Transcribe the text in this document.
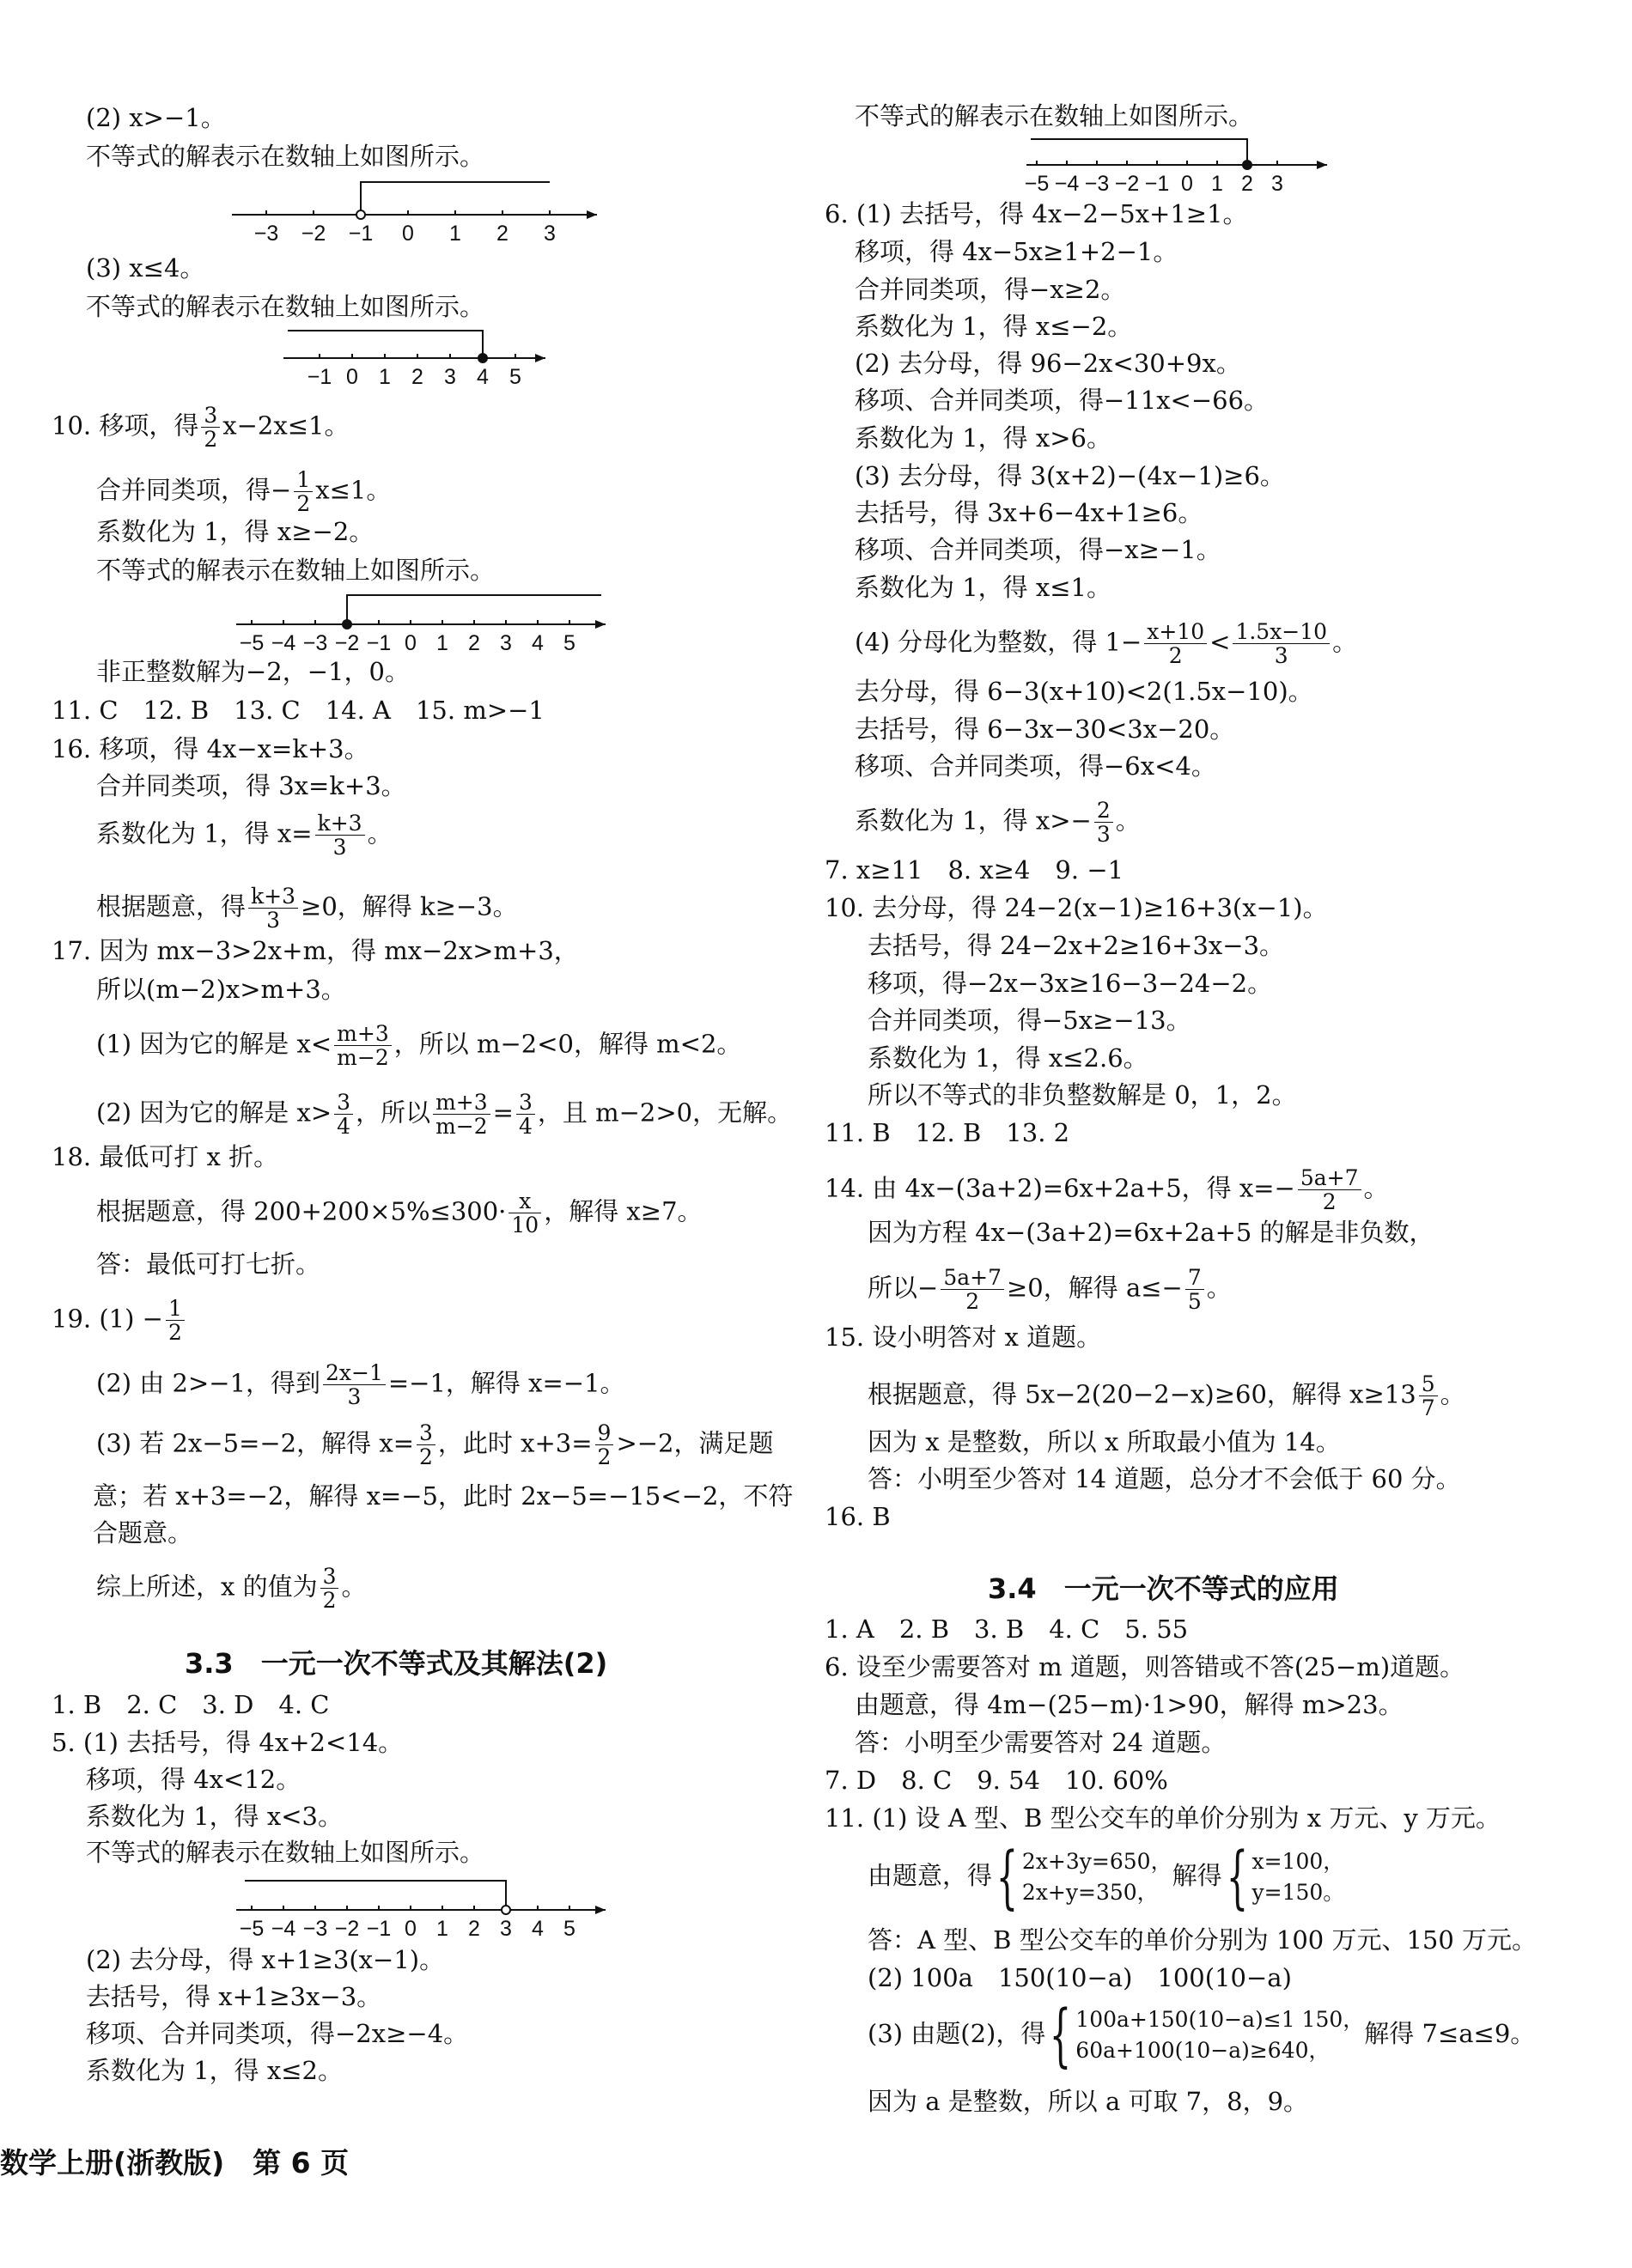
(2) x>−1。
不等式的解表示在数轴上如图所示。
−3 −2 −1 0 1 2 3
(3) x≤4。
不等式的解表示在数轴上如图所示。
−1 0 1 2 3 4 5
10. 移项，得 $\frac{3}{2} x-2x\le 1$。
合并同类项，得− $\frac{1}{2} x\le 1$。
系数化为 1，得 x≥−2。
不等式的解表示在数轴上如图所示。
−5 −4 −3 −2 −1 0 1 2 3 4 5
非正整数解为−2，−1，0。
11. C　12. B　13. C　14. A　15. m>−1
16. 移项，得 4x−x=k+3。
合并同类项，得 3x=k+3。
系数化为 1，得 $x= \frac{k+3}{3}$ 。
根据题意，得 $\frac{k+3}{3} \ge 0$，解得 k≥−3。
17. 因为 mx−3>2x+m，得 mx−2x>m+3，
所以(m−2)x>m+3。
(1) 因为它的解是 $x< \frac{m+3}{m-2}$ ，所以 m−2<0，解得 m<2。
(2) 因为它的解是 $x> \frac{3}{4}$ ，所以 $\frac{m+3}{m-2} = \frac{3}{4}$ ，且 m−2>0，无解。
18. 最低可打 x 折。
根据题意，得 $200+200\times 5\%\le 300\cdot \frac{x}{10}$ ，解得 x≥7。
答：最低可打七折。
19. $(1) - \frac{1}{2}$
(2) 由 2>−1，得到 $\frac{2x-1}{3} =-1$，解得 x=−1。
(3) 若 2x−5=−2，解得 $x= \frac{3}{2}$ ，此时 $x+3= \frac{9}{2} >-2$，满足题
意；若 x+3=−2，解得 x=−5，此时 2x−5=−15<−2，不符
合题意。
综上所述，x 的值为 $\frac{3}{2}$ 。
3.3　一元一次不等式及其解法(2)
1. B　2. C　3. D　4. C
5. (1) 去括号，得 4x+2<14。
移项，得 4x<12。
系数化为 1，得 x<3。
不等式的解表示在数轴上如图所示。
−5 −4 −3 −2 −1 0 1 2 3 4 5
(2) 去分母，得 x+1≥3(x−1)。
去括号，得 x+1≥3x−3。
移项、合并同类项，得−2x≥−4。
系数化为 1，得 x≤2。
不等式的解表示在数轴上如图所示。
−5 −4 −3 −2 −1 0 1 2 3
6. (1) 去括号，得 4x−2−5x+1≥1。
移项，得 4x−5x≥1+2−1。
合并同类项，得−x≥2。
系数化为 1，得 x≤−2。
(2) 去分母，得 96−2x<30+9x。
移项、合并同类项，得−11x<−66。
系数化为 1，得 x>6。
(3) 去分母，得 3(x+2)−(4x−1)≥6。
去括号，得 3x+6−4x+1≥6。
移项、合并同类项，得−x≥−1。
系数化为 1，得 x≤1。
(4) 分母化为整数，得 $1- \frac{x+10}{2} < \frac{1.5x-10}{3}$ 。
去分母，得 6−3(x+10)<2(1.5x−10)。
去括号，得 6−3x−30<3x−20。
移项、合并同类项，得−6x<4。
系数化为 1，得 $x>- \frac{2}{3}$ 。
7. x≥11　8. x≥4　9. −1
10. 去分母，得 24−2(x−1)≥16+3(x−1)。
去括号，得 24−2x+2≥16+3x−3。
移项，得−2x−3x≥16−3−24−2。
合并同类项，得−5x≥−13。
系数化为 1，得 x≤2.6。
所以不等式的非负整数解是 0，1，2。
11. B　12. B　13. 2
14. 由 4x−(3a+2)=6x+2a+5，得 $x=- \frac{5a+7}{2}$ 。
因为方程 4x−(3a+2)=6x+2a+5 的解是非负数，
所以− $\frac{5a+7}{2} \ge 0$，解得 $a\le- \frac{7}{5}$ 。
15. 设小明答对 x 道题。
根据题意，得 5x−2(20−2−x)≥60，解得 $x\ge 13 \frac{5}{7}$ 。
因为 x 是整数，所以 x 所取最小值为 14。
答：小明至少答对 14 道题，总分才不会低于 60 分。
16. B
3.4　一元一次不等式的应用
1. A　2. B　3. B　4. C　5. 55
6. 设至少需要答对 m 道题，则答错或不答(25−m)道题。
由题意，得 4m−(25−m)·1>90，解得 m>23。
答：小明至少需要答对 24 道题。
7. D　8. C　9. 54　10. 60%
11. (1) 设 A 型、B 型公交车的单价分别为 x 万元、y 万元。
由题意，得{ 2x+3y=650，
2x+y=350，
解得{ x=100，
y=150。
答：A 型、B 型公交车的单价分别为 100 万元、150 万元。
(2) 100a　150(10−a)　100(10−a)
(3) 由题(2)，得{ 100a+150(10−a)≤1 150，
60a+100(10−a)≥640，
解得 7≤a≤9。
因为 a 是整数，所以 a 可取 7，8，9。
数学上册(浙教版)　第 6 页
